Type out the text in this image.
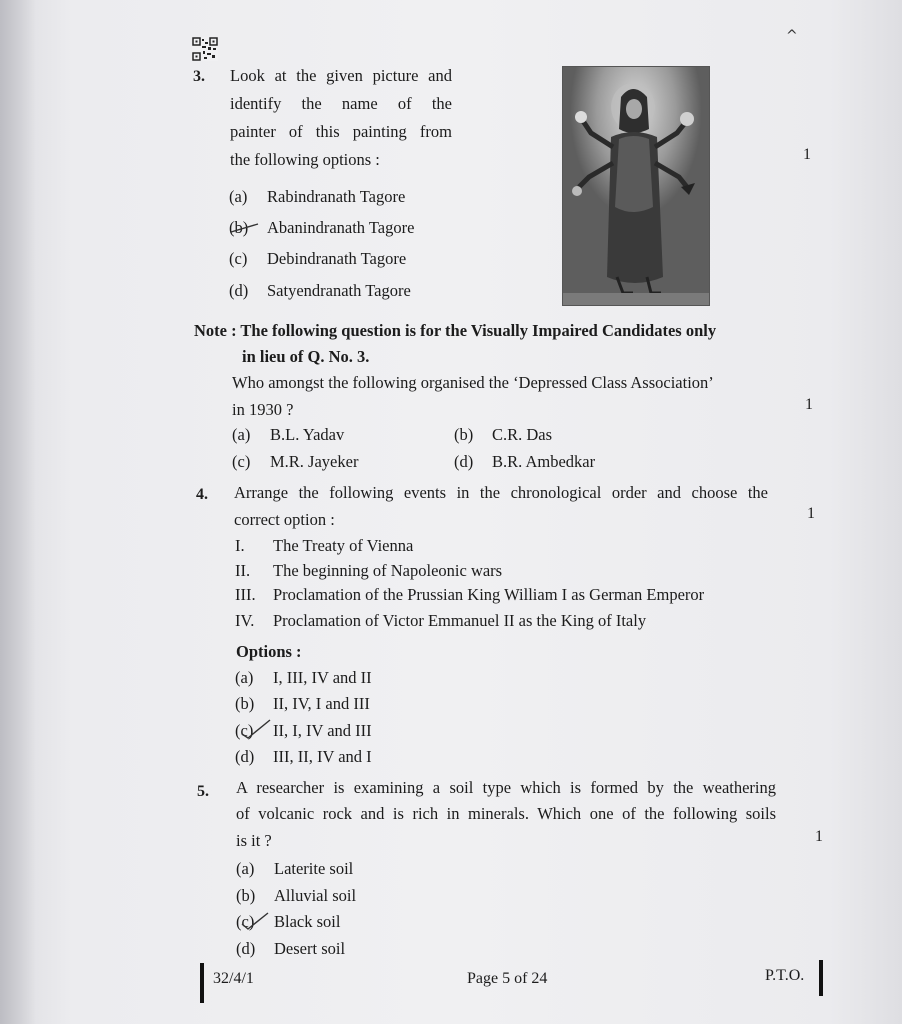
^
3. Look at the given picture and
identify the name of the
painter of this painting from
the following options :
(a) Rabindranath Tagore
(b) Abanindranath Tagore
(c) Debindranath Tagore
(d) Satyendranath Tagore
1
Note : The following question is for the Visually Impaired Candidates only
in lieu of Q. No. 3.
Who amongst the following organised the ‘Depressed Class Association’
in 1930 ?	1
(a) B.L. Yadav	(b) C.R. Das
(c) M.R. Jayeker	(d) B.R. Ambedkar
4. Arrange the following events in the chronological order and choose the
correct option :	1
I. The Treaty of Vienna
II. The beginning of Napoleonic wars
III. Proclamation of the Prussian King William I as German Emperor
IV. Proclamation of Victor Emmanuel II as the King of Italy
Options :
(a) I, III, IV and II
(b) II, IV, I and III
(c) II, I, IV and III
(d) III, II, IV and I
5. A researcher is examining a soil type which is formed by the weathering
of volcanic rock and is rich in minerals. Which one of the following soils
is it ?	1
(a) Laterite soil
(b) Alluvial soil
(c) Black soil
(d) Desert soil
32/4/1	Page 5 of 24	P.T.O.
